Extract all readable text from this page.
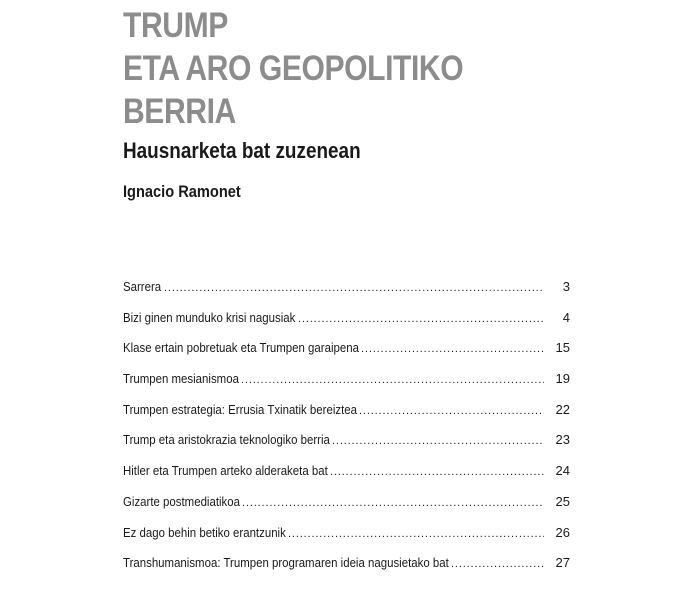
TRUMP
ETA ARO GEOPOLITIKO
BERRIA
Hausnarketa bat zuzenean
Ignacio Ramonet
Sarrera . . .	3
Bizi ginen munduko krisi nagusiak . . .	4
Klase ertain pobretuak eta Trumpen garaipena . . .	15
Trumpen mesianismoa . . .	19
Trumpen estrategia: Errusia Txinatik bereiztea . . .	22
Trump eta aristokrazia teknologiko berria . . .	23
Hitler eta Trumpen arteko alderaketa bat . . .	24
Gizarte postmediatikoa . . .	25
Ez dago behin betiko erantzunik . . .	26
Transhumanismoa: Trumpen programaren ideia nagusietako bat . . .	27
